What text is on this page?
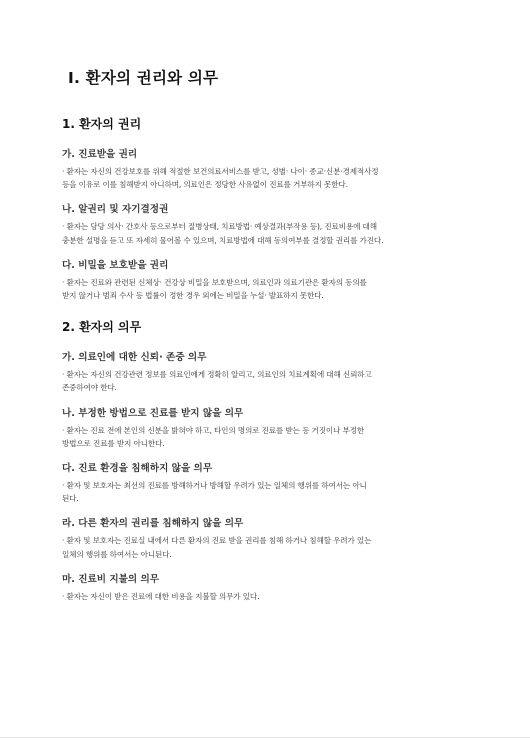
Ⅰ. 환자의 권리와 의무
1. 환자의 권리
가. 진료받을 권리

· 환자는 자신의 건강보호를 위해 적절한 보건의료서비스를 받고, 성별· 나이· 종교·신분·경제적사정
등을 이유로 이를 침해받지 아니하며, 의료인은 정당한 사유없이 진료를 거부하지 못한다.

나. 알권리 및 자기결정권

· 환자는 담당 의사· 간호사 등으로부터 질병상태, 치료방법· 예상결과(부작용 등), 진료비용에 대해
충분한 설명을 듣고 또 자세히 물어볼 수 있으며, 치료방법에 대해 동의여부를 결정할 권리를 가진다.

다. 비밀을 보호받을 권리

· 환자는 진료와 관련된 신체상· 건강상 비밀을 보호받으며, 의료인과 의료기관은 환자의 동의를
받지 않거나 범죄 수사 등 법률이 정한 경우 외에는 비밀을 누설· 발표하지 못한다.

2. 환자의 의무
가. 의료인에 대한 신뢰· 존중 의무

· 환자는 자신의 건강관련 정보를 의료인에게 정확히 알리고, 의료인의 치료계획에 대해 신뢰하고
존중하여야 한다.

나. 부정한 방법으로 진료를 받지 않을 의무

· 환자는 진료 전에 본인의 신분을 밝혀야 하고, 타인의 명의로 진료를 받는 등 거짓이나 부정한
방법으로 진료를 받지 아니한다.

다. 진료 환경을 침해하지 않을 의무

· 환자 및 보호자는 최선의 진료를 방해하거나 방해할 우려가 있는 일체의 행위를 하여서는 아니
된다.

라. 다른 환자의 권리를 침해하지 않을 의무

· 환자 및 보호자는 진료실 내에서 다른 환자의 진료 받을 권리를 침해 하거나 침해할 우려가 있는
일체의 행위를 하여서는 아니된다.

마. 진료비 지불의 의무

· 환자는 자신이 받은 진료에 대한 비용을 지불할 의무가 있다.
